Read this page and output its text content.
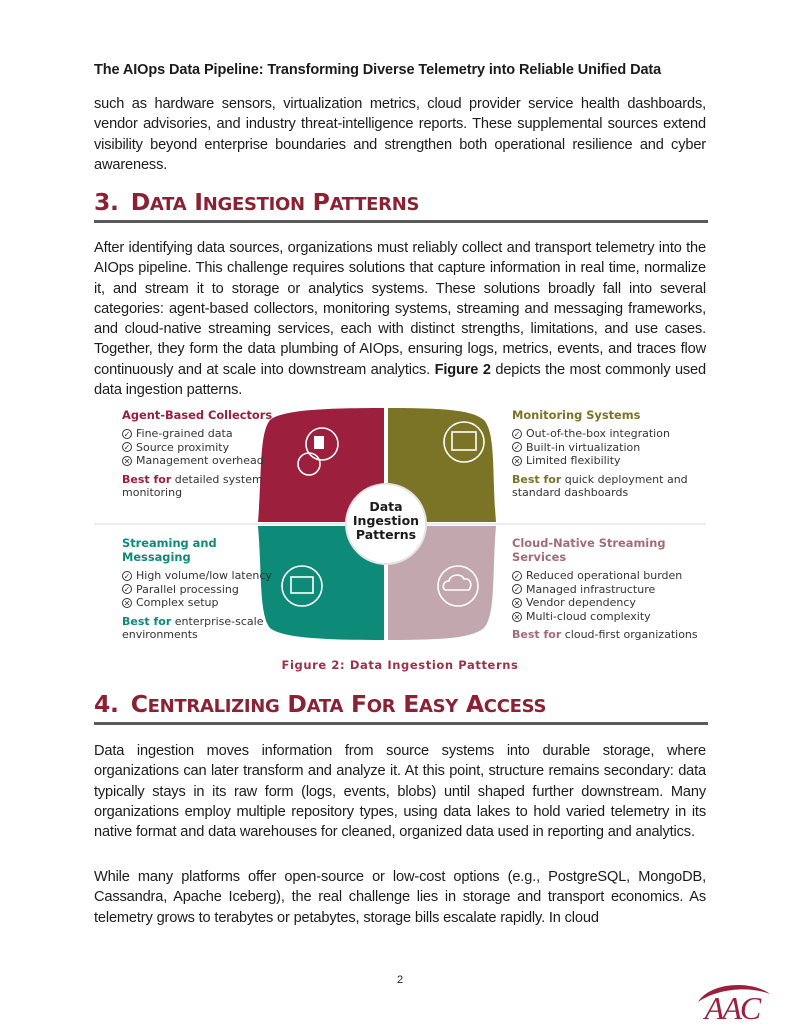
The AIOps Data Pipeline: Transforming Diverse Telemetry into Reliable Unified Data

such as hardware sensors, virtualization metrics, cloud provider service health dashboards, vendor advisories, and industry threat-intelligence reports. These supplemental sources extend visibility beyond enterprise boundaries and strengthen both operational resilience and cyber awareness.

3. DATA INGESTION PATTERNS

After identifying data sources, organizations must reliably collect and transport telemetry into the AIOps pipeline. This challenge requires solutions that capture information in real time, normalize it, and stream it to storage or analytics systems. These solutions broadly fall into several categories: agent-based collectors, monitoring systems, streaming and messaging frameworks, and cloud-native streaming services, each with distinct strengths, limitations, and use cases. Together, they form the data plumbing of AIOps, ensuring logs, metrics, events, and traces flow continuously and at scale into downstream analytics. Figure 2 depicts the most commonly used data ingestion patterns.

Data Ingestion Patterns
Agent-Based Collectors
✓ Fine-grained data
✓ Source proximity
✕ Management overhead
Best for detailed system monitoring
Monitoring Systems
✓ Out-of-the-box integration
✓ Built-in virtualization
✕ Limited flexibility
Best for quick deployment and standard dashboards
Streaming and Messaging
✓ High volume/low latency
✓ Parallel processing
✕ Complex setup
Best for enterprise-scale environments
Cloud-Native Streaming Services
✓ Reduced operational burden
✓ Managed infrastructure
✕ Vendor dependency
✕ Multi-cloud complexity
Best for cloud-first organizations
Figure 2: Data Ingestion Patterns
4. CENTRALIZING DATA FOR EASY ACCESS

Data ingestion moves information from source systems into durable storage, where organizations can later transform and analyze it. At this point, structure remains secondary: data typically stays in its raw form (logs, events, blobs) until shaped further downstream. Many organizations employ multiple repository types, using data lakes to hold varied telemetry in its native format and data warehouses for cleaned, organized data used in reporting and analytics.

While many platforms offer open-source or low-cost options (e.g., PostgreSQL, MongoDB, Cassandra, Apache Iceberg), the real challenge lies in storage and transport economics. As telemetry grows to terabytes or petabytes, storage bills escalate rapidly. In cloud

2
AAC
